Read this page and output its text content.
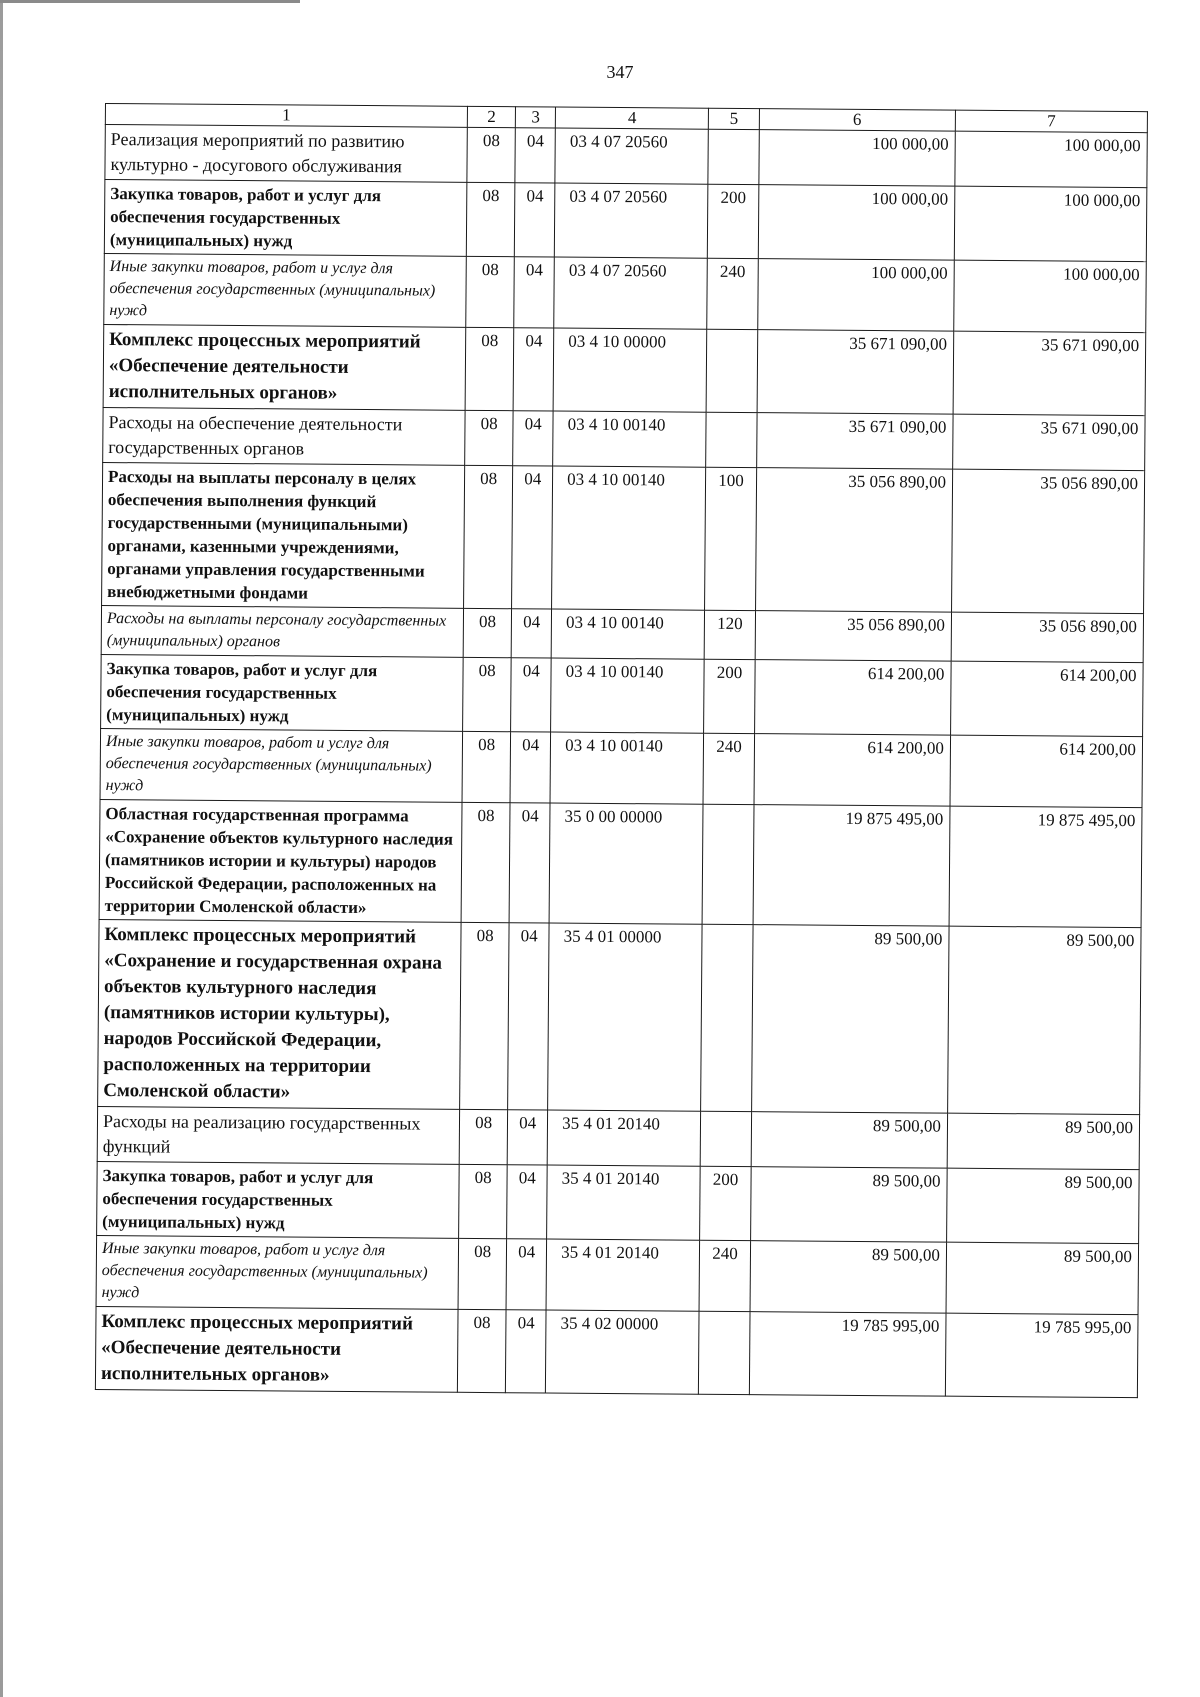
347
1	2	3	4	5	6	7
Реализация мероприятий по развитию культурно - досугового обслуживания	08	04	03 4 07 20560		100 000,00	100 000,00
Закупка товаров, работ и услуг для обеспечения государственных (муниципальных) нужд	08	04	03 4 07 20560	200	100 000,00	100 000,00
Иные закупки товаров, работ и услуг для обеспечения государственных (муниципальных) нужд	08	04	03 4 07 20560	240	100 000,00	100 000,00
Комплекс процессных мероприятий «Обеспечение деятельности исполнительных органов»	08	04	03 4 10 00000		35 671 090,00	35 671 090,00
Расходы на обеспечение деятельности государственных органов	08	04	03 4 10 00140		35 671 090,00	35 671 090,00
Расходы на выплаты персоналу в целях обеспечения выполнения функций государственными (муниципальными) органами, казенными учреждениями, органами управления государственными внебюджетными фондами	08	04	03 4 10 00140	100	35 056 890,00	35 056 890,00
Расходы на выплаты персоналу государственных (муниципальных) органов	08	04	03 4 10 00140	120	35 056 890,00	35 056 890,00
Закупка товаров, работ и услуг для обеспечения государственных (муниципальных) нужд	08	04	03 4 10 00140	200	614 200,00	614 200,00
Иные закупки товаров, работ и услуг для обеспечения государственных (муниципальных) нужд	08	04	03 4 10 00140	240	614 200,00	614 200,00
Областная государственная программа «Сохранение объектов культурного наследия (памятников истории и культуры) народов Российской Федерации, расположенных на территории Смоленской области»	08	04	35 0 00 00000		19 875 495,00	19 875 495,00
Комплекс процессных мероприятий «Сохранение и государственная охрана объектов культурного наследия (памятников истории культуры), народов Российской Федерации, расположенных на территории Смоленской области»	08	04	35 4 01 00000		89 500,00	89 500,00
Расходы на реализацию государственных функций	08	04	35 4 01 20140		89 500,00	89 500,00
Закупка товаров, работ и услуг для обеспечения государственных (муниципальных) нужд	08	04	35 4 01 20140	200	89 500,00	89 500,00
Иные закупки товаров, работ и услуг для обеспечения государственных (муниципальных) нужд	08	04	35 4 01 20140	240	89 500,00	89 500,00
Комплекс процессных мероприятий «Обеспечение деятельности исполнительных органов»	08	04	35 4 02 00000		19 785 995,00	19 785 995,00
